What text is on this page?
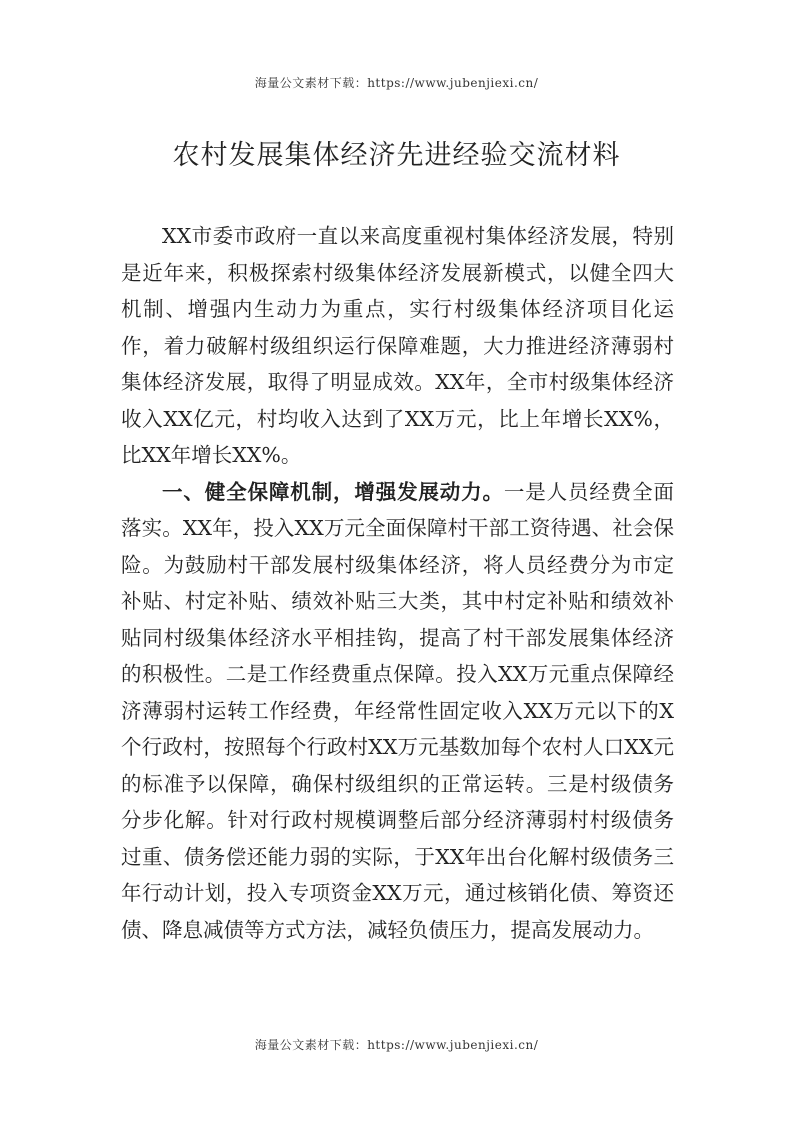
海量公文素材下载：https://www.jubenjiexi.cn/
农村发展集体经济先进经验交流材料

XX市委市政府一直以来高度重视村集体经济发展，特别是近年来，积极探索村级集体经济发展新模式，以健全四大机制、增强内生动力为重点，实行村级集体经济项目化运作，着力破解村级组织运行保障难题，大力推进经济薄弱村集体经济发展，取得了明显成效。XX年，全市村级集体经济收入XX亿元，村均收入达到了XX万元，比上年增长XX%，比XX年增长XX%。

一、健全保障机制，增强发展动力。一是人员经费全面落实。XX年，投入XX万元全面保障村干部工资待遇、社会保险。为鼓励村干部发展村级集体经济，将人员经费分为市定补贴、村定补贴、绩效补贴三大类，其中村定补贴和绩效补贴同村级集体经济水平相挂钩，提高了村干部发展集体经济的积极性。二是工作经费重点保障。投入XX万元重点保障经济薄弱村运转工作经费，年经常性固定收入XX万元以下的X个行政村，按照每个行政村XX万元基数加每个农村人口XX元的标准予以保障，确保村级组织的正常运转。三是村级债务分步化解。针对行政村规模调整后部分经济薄弱村村级债务过重、债务偿还能力弱的实际，于XX年出台化解村级债务三年行动计划，投入专项资金XX万元，通过核销化债、筹资还债、降息减债等方式方法，减轻负债压力，提高发展动力。

海量公文素材下载：https://www.jubenjiexi.cn/
